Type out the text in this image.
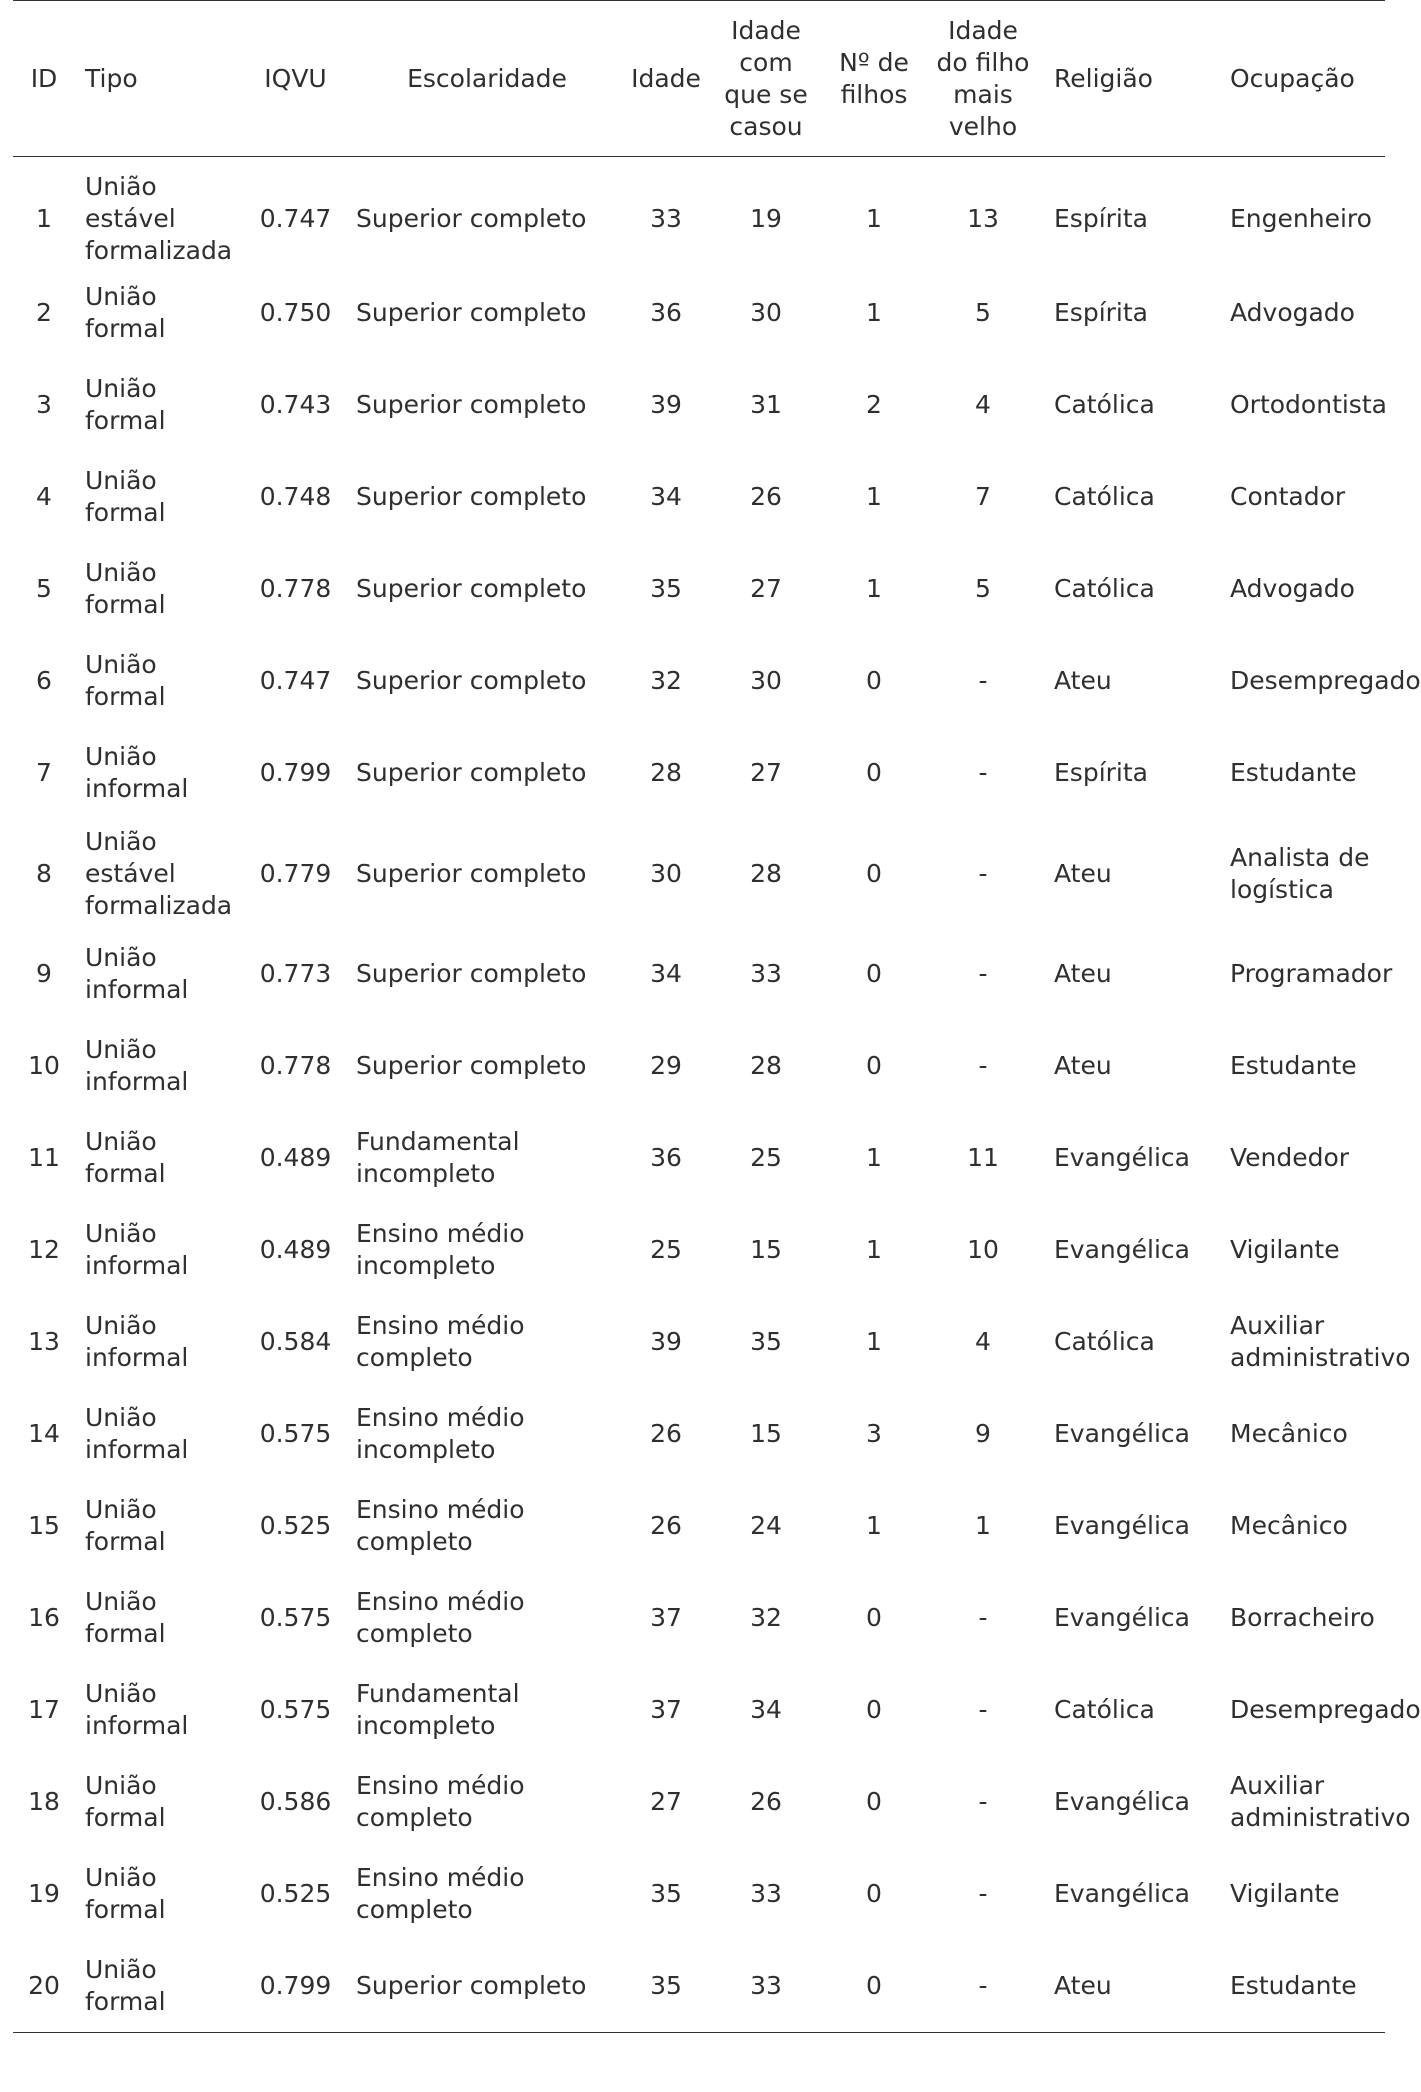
ID	Tipo	IQVU	Escolaridade	Idade	Idade com que se casou	Nº de filhos	Idade do filho mais velho	Religião	Ocupação
1	União estável formalizada	0.747	Superior completo	33	19	1	13	Espírita	Engenheiro
2	União formal	0.750	Superior completo	36	30	1	5	Espírita	Advogado
3	União formal	0.743	Superior completo	39	31	2	4	Católica	Ortodontista
4	União formal	0.748	Superior completo	34	26	1	7	Católica	Contador
5	União formal	0.778	Superior completo	35	27	1	5	Católica	Advogado
6	União formal	0.747	Superior completo	32	30	0	-	Ateu	Desempregado
7	União informal	0.799	Superior completo	28	27	0	-	Espírita	Estudante
8	União estável formalizada	0.779	Superior completo	30	28	0	-	Ateu	Analista de logística
9	União informal	0.773	Superior completo	34	33	0	-	Ateu	Programador
10	União informal	0.778	Superior completo	29	28	0	-	Ateu	Estudante
11	União formal	0.489	Fundamental incompleto	36	25	1	11	Evangélica	Vendedor
12	União informal	0.489	Ensino médio incompleto	25	15	1	10	Evangélica	Vigilante
13	União informal	0.584	Ensino médio completo	39	35	1	4	Católica	Auxiliar administrativo
14	União informal	0.575	Ensino médio incompleto	26	15	3	9	Evangélica	Mecânico
15	União formal	0.525	Ensino médio completo	26	24	1	1	Evangélica	Mecânico
16	União formal	0.575	Ensino médio completo	37	32	0	-	Evangélica	Borracheiro
17	União informal	0.575	Fundamental incompleto	37	34	0	-	Católica	Desempregado
18	União formal	0.586	Ensino médio completo	27	26	0	-	Evangélica	Auxiliar administrativo
19	União formal	0.525	Ensino médio completo	35	33	0	-	Evangélica	Vigilante
20	União formal	0.799	Superior completo	35	33	0	-	Ateu	Estudante
